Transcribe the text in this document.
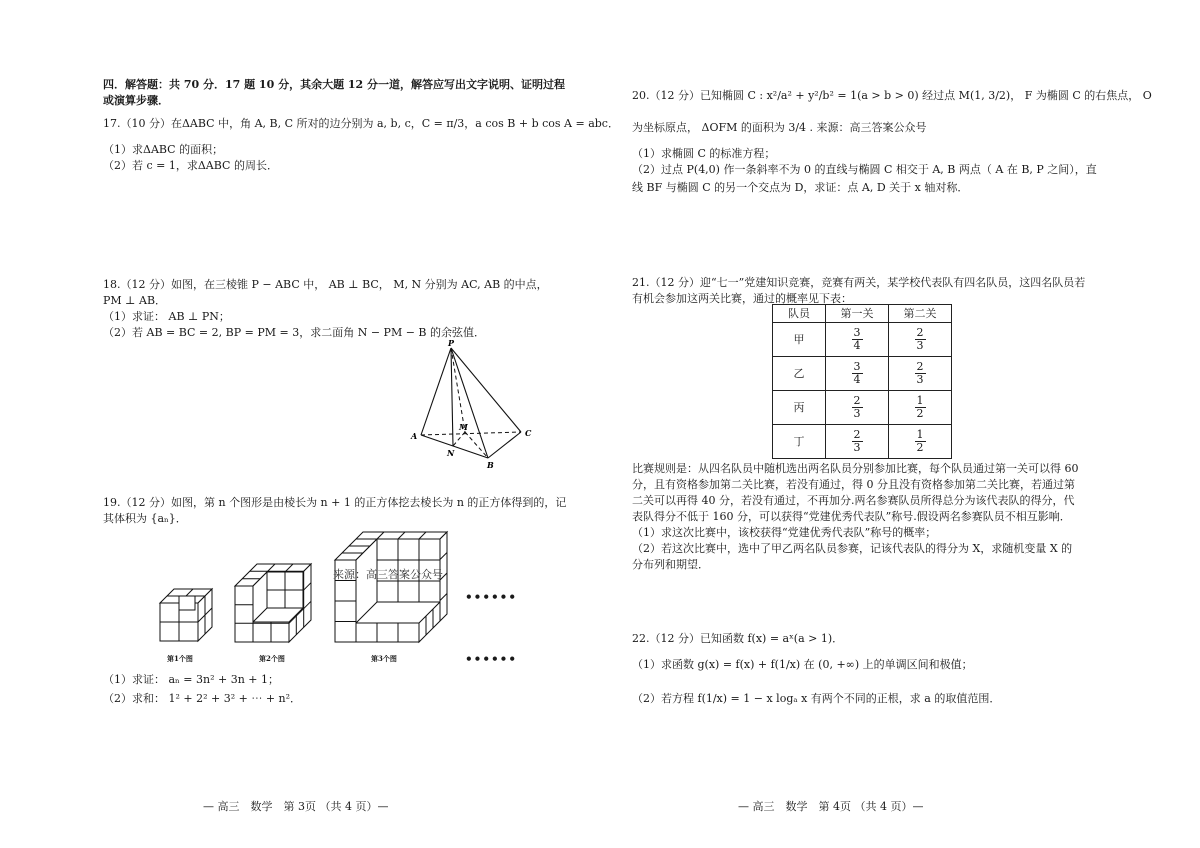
四．解答题：共 70 分．17 题 10 分，其余大题 12 分一道，解答应写出文字说明、证明过程
或演算步骤．
17.（10 分）在ΔABC 中，角 A, B, C 所对的边分别为 a, b, c，C = π/3，a cos B + b cos A = abc．
（1）求ΔABC 的面积；
（2）若 c = 1，求ΔABC 的周长．
18.（12 分）如图，在三棱锥 P − ABC 中， AB ⊥ BC， M, N 分别为 AC, AB 的中点，
PM ⊥ AB．
（1）求证： AB ⊥ PN；
（2）若 AB = BC = 2, BP = PM = 3，求二面角 N − PM − B 的余弦值．
P
A
B
C
M
N
19.（12 分）如图，第 n 个图形是由棱长为 n + 1 的正方体挖去棱长为 n 的正方体得到的，记
其体积为 {aₙ}．
来源：高三答案公众号
••••••
••••••
第1个图	第2个图	第3个图
（1）求证： aₙ = 3n² + 3n + 1；
（2）求和： 1² + 2² + 3² + ⋯ + n²．
— 高三　数学　第 3页 （共 4 页）—
20.（12 分）已知椭圆 C : x²/a² + y²/b² = 1(a > b > 0) 经过点 M(1, 3/2)， F 为椭圆 C 的右焦点， O
为坐标原点， ΔOFM 的面积为 3/4 . 来源：高三答案公众号
（1）求椭圆 C 的标准方程；
（2）过点 P(4,0) 作一条斜率不为 0 的直线与椭圆 C 相交于 A, B 两点（ A 在 B, P 之间），直
线 BF 与椭圆 C 的另一个交点为 D，求证：点 A, D 关于 x 轴对称．
21.（12 分）迎“七一”党建知识竞赛，竞赛有两关，某学校代表队有四名队员，这四名队员若
有机会参加这两关比赛，通过的概率见下表：
队员	第一关	第二关
甲	$\frac{3}{4}$	$\frac{2}{3}$

乙	$\frac{3}{4}$	$\frac{2}{3}$

丙	$\frac{2}{3}$	$\frac{1}{2}$

丁	$\frac{2}{3}$	$\frac{1}{2}$
比赛规则是：从四名队员中随机选出两名队员分别参加比赛，每个队员通过第一关可以得 60
分，且有资格参加第二关比赛，若没有通过，得 0 分且没有资格参加第二关比赛，若通过第
二关可以再得 40 分，若没有通过，不再加分.两名参赛队员所得总分为该代表队的得分，代
表队得分不低于 160 分，可以获得“党建优秀代表队”称号.假设两名参赛队员不相互影响．
（1）求这次比赛中，该校获得“党建优秀代表队”称号的概率；
（2）若这次比赛中，选中了甲乙两名队员参赛，记该代表队的得分为 X，求随机变量 X 的
分布列和期望．
22.（12 分）已知函数 f(x) = aˣ(a > 1)．
（1）求函数 g(x) = f(x) + f(1/x) 在 (0, +∞) 上的单调区间和极值；
（2）若方程 f(1/x) = 1 − x logₐ x 有两个不同的正根，求 a 的取值范围．
— 高三　数学　第 4页 （共 4 页）—
